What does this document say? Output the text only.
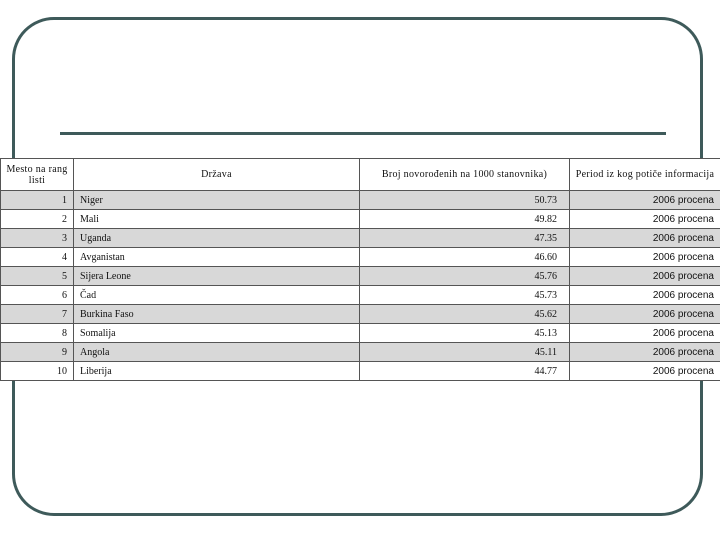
Mesto na rang listi	Država	Broj novorođenih na 1000 stanovnika)	Period iz kog potiče informacija
1	Niger	50.73	2006 procena
2	Mali	49.82	2006 procena
3	Uganda	47.35	2006 procena
4	Avganistan	46.60	2006 procena
5	Sijera Leone	45.76	2006 procena
6	Čad	45.73	2006 procena
7	Burkina Faso	45.62	2006 procena
8	Somalija	45.13	2006 procena
9	Angola	45.11	2006 procena
10	Liberija	44.77	2006 procena
